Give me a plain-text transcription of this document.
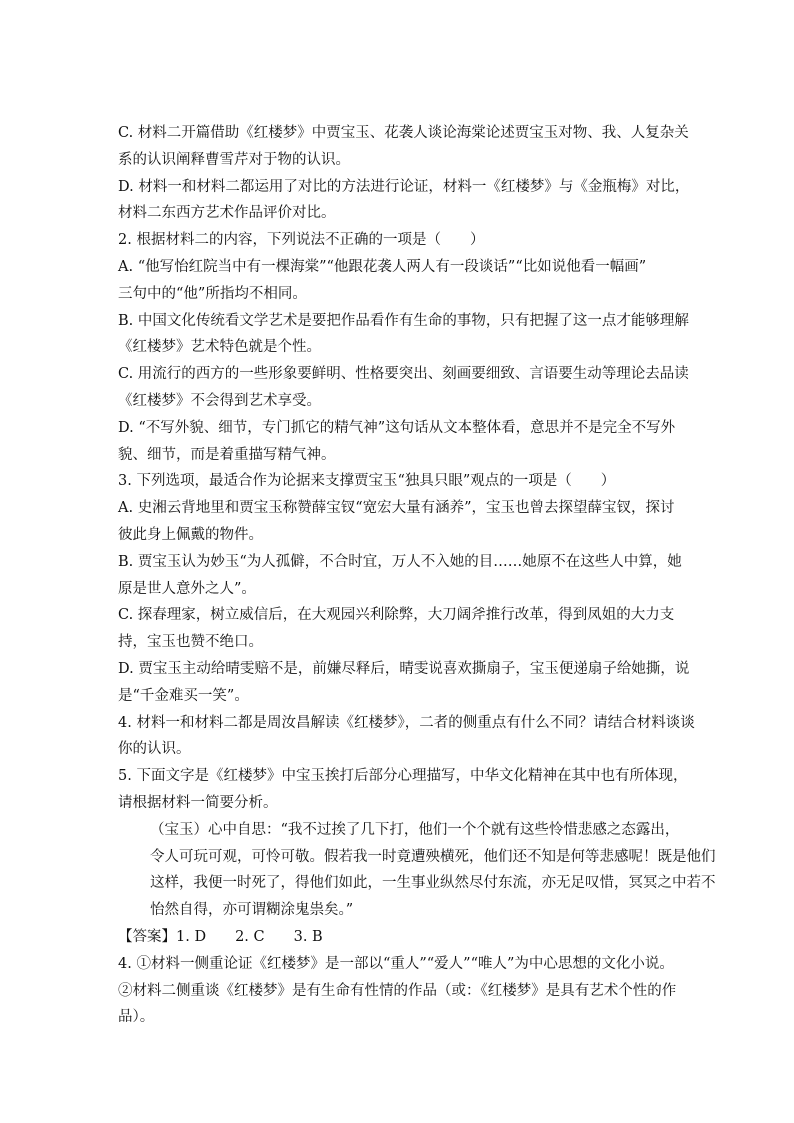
C. 材料二开篇借助《红楼梦》中贾宝玉、花袭人谈论海棠论述贾宝玉对物、我、人复杂关
系的认识阐释曹雪芹对于物的认识。
D. 材料一和材料二都运用了对比的方法进行论证，材料一《红楼梦》与《金瓶梅》对比，
材料二东西方艺术作品评价对比。
2. 根据材料二的内容，下列说法不正确的一项是（　　）
A. “他写怡红院当中有一棵海棠”“他跟花袭人两人有一段谈话”“比如说他看一幅画”
三句中的“他”所指均不相同。
B. 中国文化传统看文学艺术是要把作品看作有生命的事物，只有把握了这一点才能够理解
《红楼梦》艺术特色就是个性。
C. 用流行的西方的一些形象要鲜明、性格要突出、刻画要细致、言语要生动等理论去品读
《红楼梦》不会得到艺术享受。
D. “不写外貌、细节，专门抓它的精气神”这句话从文本整体看，意思并不是完全不写外
貌、细节，而是着重描写精气神。
3. 下列选项，最适合作为论据来支撑贾宝玉“独具只眼”观点的一项是（　　）
A. 史湘云背地里和贾宝玉称赞薛宝钗“宽宏大量有涵养”，宝玉也曾去探望薛宝钗，探讨
彼此身上佩戴的物件。
B. 贾宝玉认为妙玉“为人孤僻，不合时宜，万人不入她的目……她原不在这些人中算，她
原是世人意外之人”。
C. 探春理家，树立威信后，在大观园兴利除弊，大刀阔斧推行改革，得到凤姐的大力支
持，宝玉也赞不绝口。
D. 贾宝玉主动给晴雯赔不是，前嫌尽释后，晴雯说喜欢撕扇子，宝玉便递扇子给她撕，说
是“千金难买一笑”。
4. 材料一和材料二都是周汝昌解读《红楼梦》，二者的侧重点有什么不同？请结合材料谈谈
你的认识。
5. 下面文字是《红楼梦》中宝玉挨打后部分心理描写，中华文化精神在其中也有所体现，
请根据材料一简要分析。
（宝玉）心中自思：“我不过挨了几下打，他们一个个就有这些怜惜悲感之态露出，
令人可玩可观，可怜可敬。假若我一时竟遭殃横死，他们还不知是何等悲感呢！既是他们
这样，我便一时死了，得他们如此，一生事业纵然尽付东流，亦无足叹惜，冥冥之中若不
怡然自得，亦可谓糊涂鬼祟矣。”
【答案】1. D　　2. C　　3. B
4. ①材料一侧重论证《红楼梦》是一部以“重人”“爱人”“唯人”为中心思想的文化小说。
②材料二侧重谈《红楼梦》是有生命有性情的作品（或：《红楼梦》是具有艺术个性的作
品）。
